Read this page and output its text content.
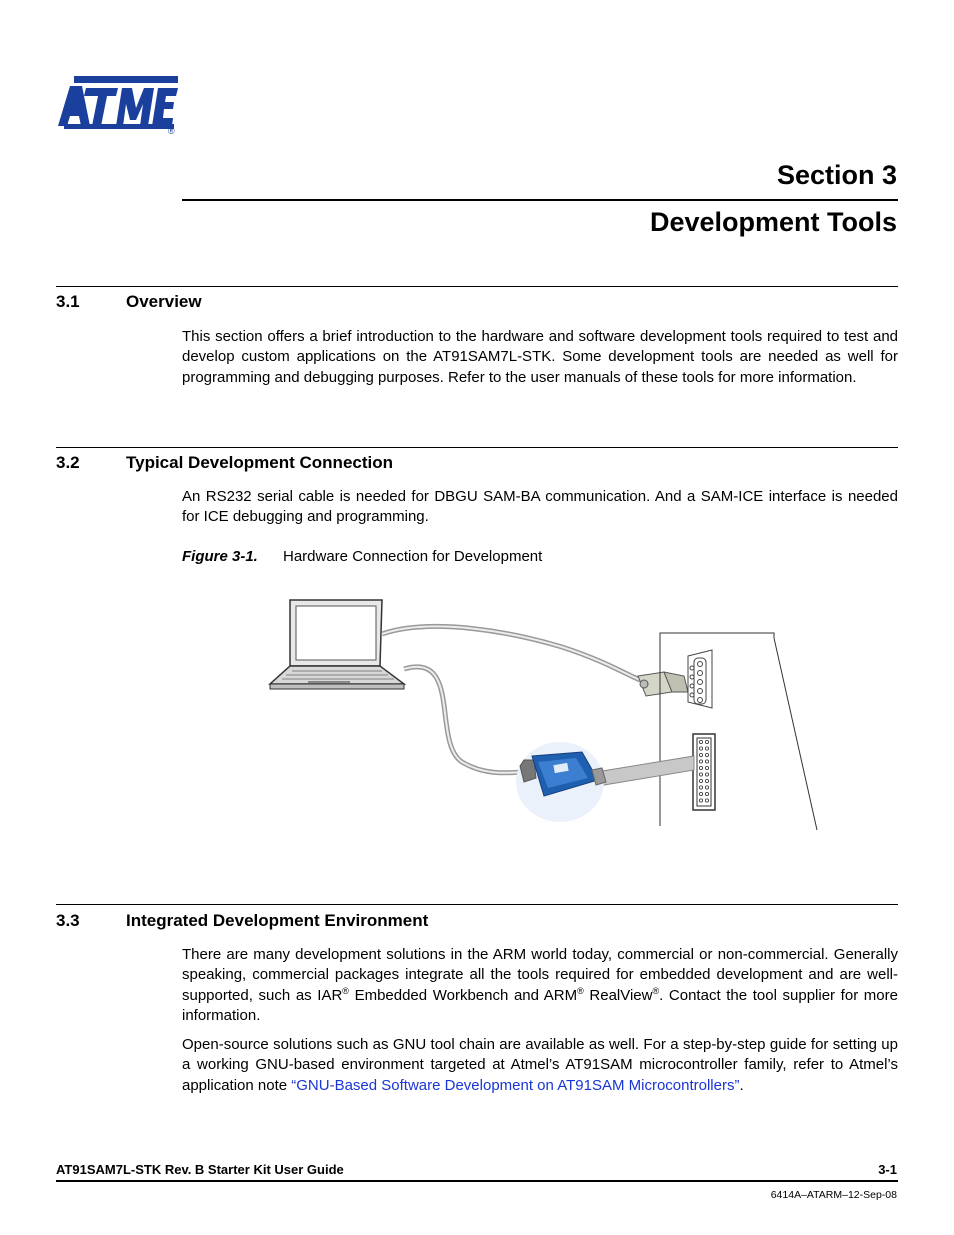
®
Section 3
Development Tools
3.1	Overview
This section offers a brief introduction to the hardware and software development tools required to test and develop custom applications on the AT91SAM7L-STK. Some development tools are needed as well for programming and debugging purposes. Refer to the user manuals of these tools for more information.
3.2	Typical Development Connection
An RS232 serial cable is needed for DBGU SAM-BA communication. And a SAM-ICE interface is needed for ICE debugging and programming.
Figure 3-1. Hardware Connection for Development
3.3	Integrated Development Environment
There are many development solutions in the ARM world today, commercial or non-commercial. Generally speaking, commercial packages integrate all the tools required for embedded development and are well-supported, such as IAR® Embedded Workbench and ARM® RealView®. Contact the tool supplier for more information.
Open-source solutions such as GNU tool chain are available as well. For a step-by-step guide for setting up a working GNU-based environment targeted at Atmel’s AT91SAM microcontroller family, refer to Atmel’s application note “GNU-Based Software Development on AT91SAM Microcontrollers”.
AT91SAM7L-STK Rev. B Starter Kit User Guide	3-1
6414A–ATARM–12-Sep-08
